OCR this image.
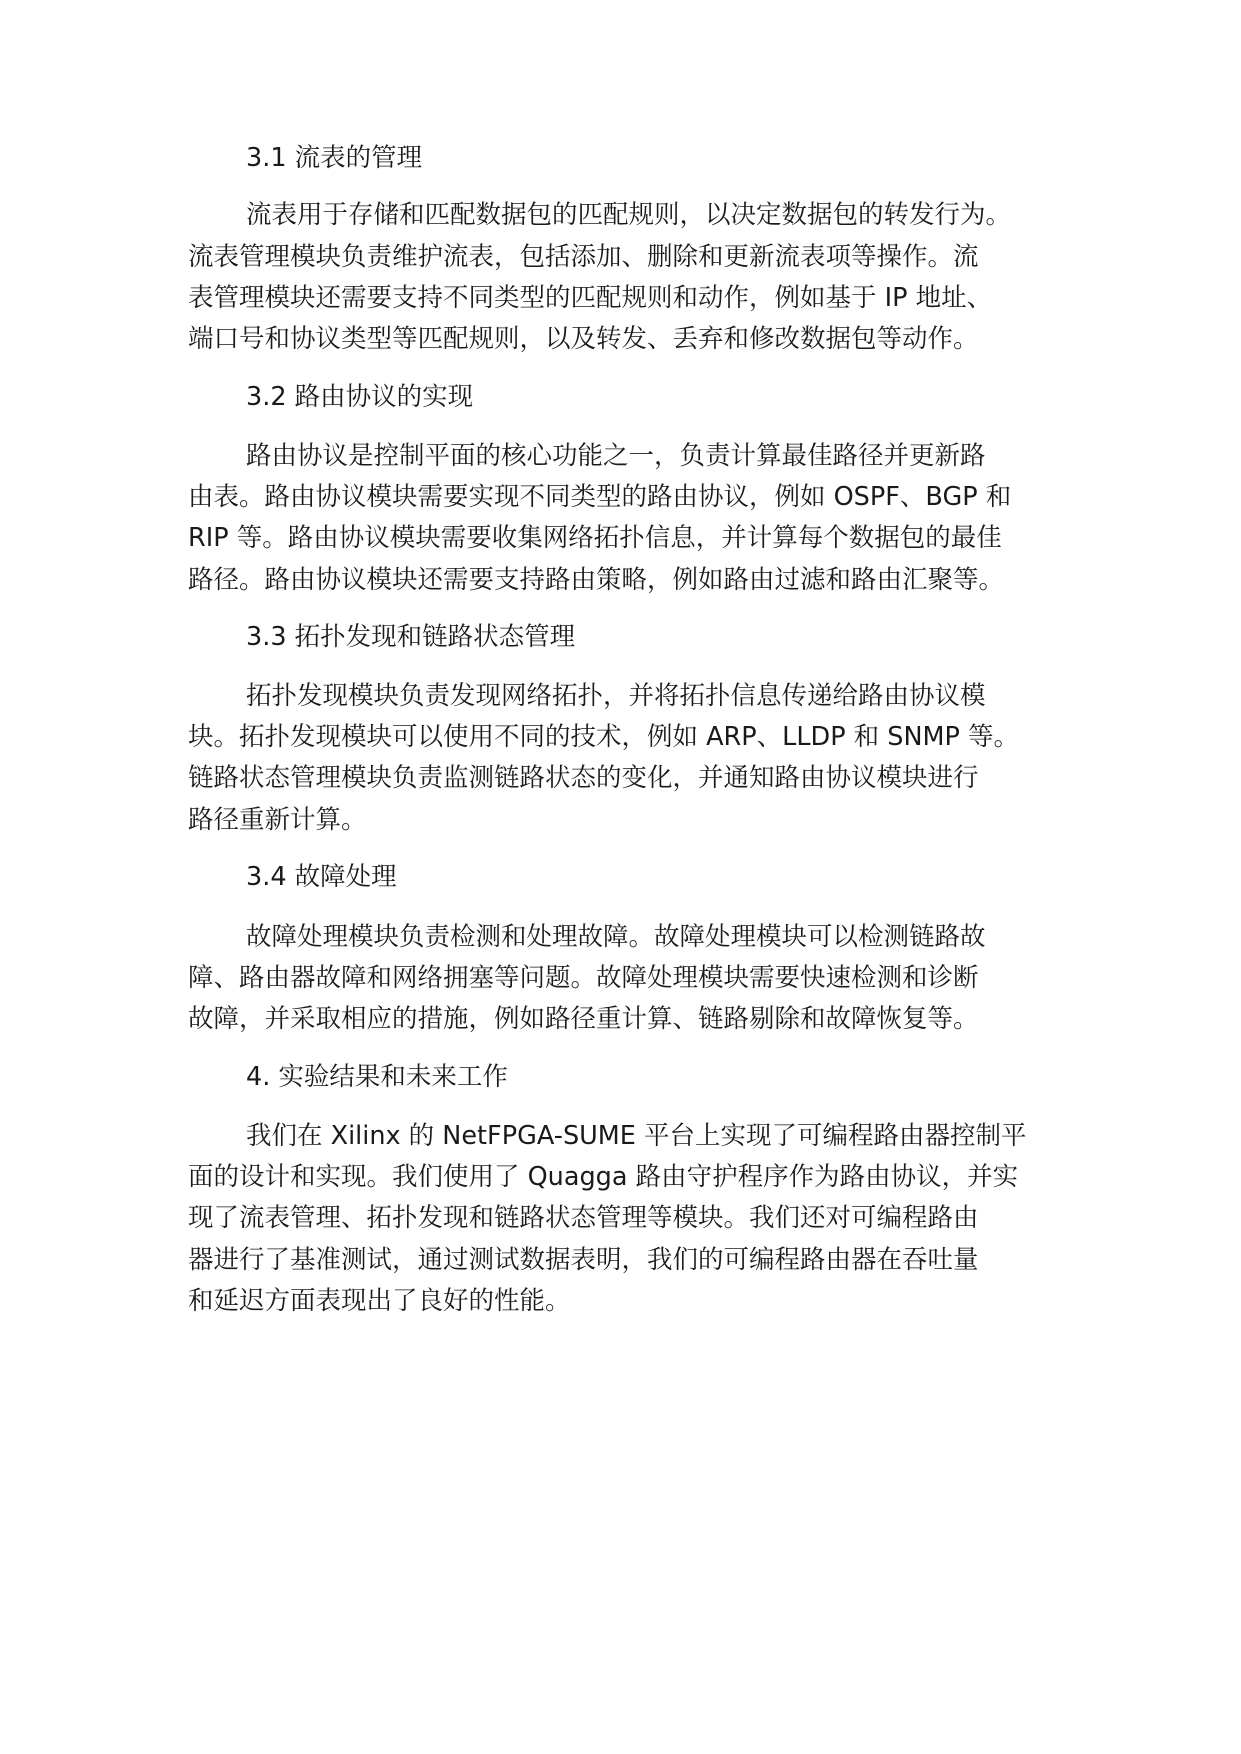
3.1 流表的管理
流表用于存储和匹配数据包的匹配规则，以决定数据包的转发行为。
流表管理模块负责维护流表，包括添加、删除和更新流表项等操作。流
表管理模块还需要支持不同类型的匹配规则和动作，例如基于 IP 地址、
端口号和协议类型等匹配规则，以及转发、丢弃和修改数据包等动作。
3.2 路由协议的实现
路由协议是控制平面的核心功能之一，负责计算最佳路径并更新路
由表。路由协议模块需要实现不同类型的路由协议，例如 OSPF、BGP 和
RIP 等。路由协议模块需要收集网络拓扑信息，并计算每个数据包的最佳
路径。路由协议模块还需要支持路由策略，例如路由过滤和路由汇聚等。
3.3 拓扑发现和链路状态管理
拓扑发现模块负责发现网络拓扑，并将拓扑信息传递给路由协议模
块。拓扑发现模块可以使用不同的技术，例如 ARP、LLDP 和 SNMP 等。
链路状态管理模块负责监测链路状态的变化，并通知路由协议模块进行
路径重新计算。
3.4 故障处理
故障处理模块负责检测和处理故障。故障处理模块可以检测链路故
障、路由器故障和网络拥塞等问题。故障处理模块需要快速检测和诊断
故障，并采取相应的措施，例如路径重计算、链路剔除和故障恢复等。
4. 实验结果和未来工作
我们在 Xilinx 的 NetFPGA-SUME 平台上实现了可编程路由器控制平
面的设计和实现。我们使用了 Quagga 路由守护程序作为路由协议，并实
现了流表管理、拓扑发现和链路状态管理等模块。我们还对可编程路由
器进行了基准测试，通过测试数据表明，我们的可编程路由器在吞吐量
和延迟方面表现出了良好的性能。
